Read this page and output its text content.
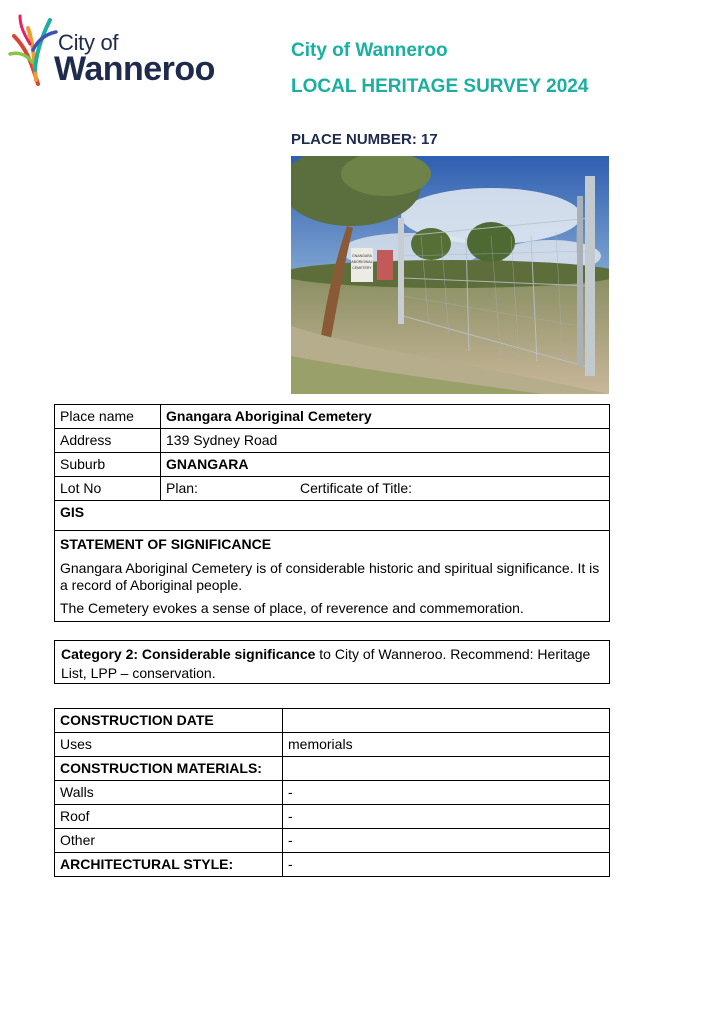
City of
Wanneroo	City of Wanneroo
LOCAL HERITAGE SURVEY 2024
PLACE NUMBER: 17
GNANGARA
ABORIGINAL
CEMETERY
Place name	Gnangara Aboriginal Cemetery
Address	139 Sydney Road
Suburb	GNANGARA
Lot No	Plan: Certificate of Title:
GIS	

STATEMENT OF SIGNIFICANCE
Gnangara Aboriginal Cemetery is of considerable historic and spiritual significance. It is a record of Aboriginal people.
The Cemetery evokes a sense of place, of reverence and commemoration.	
Category 2: Considerable significance to City of Wanneroo. Recommend: Heritage List, LPP – conservation.
CONSTRUCTION DATE	
Uses	memorials
CONSTRUCTION MATERIALS:	
Walls	-
Roof	-
Other	-
ARCHITECTURAL STYLE:	-
